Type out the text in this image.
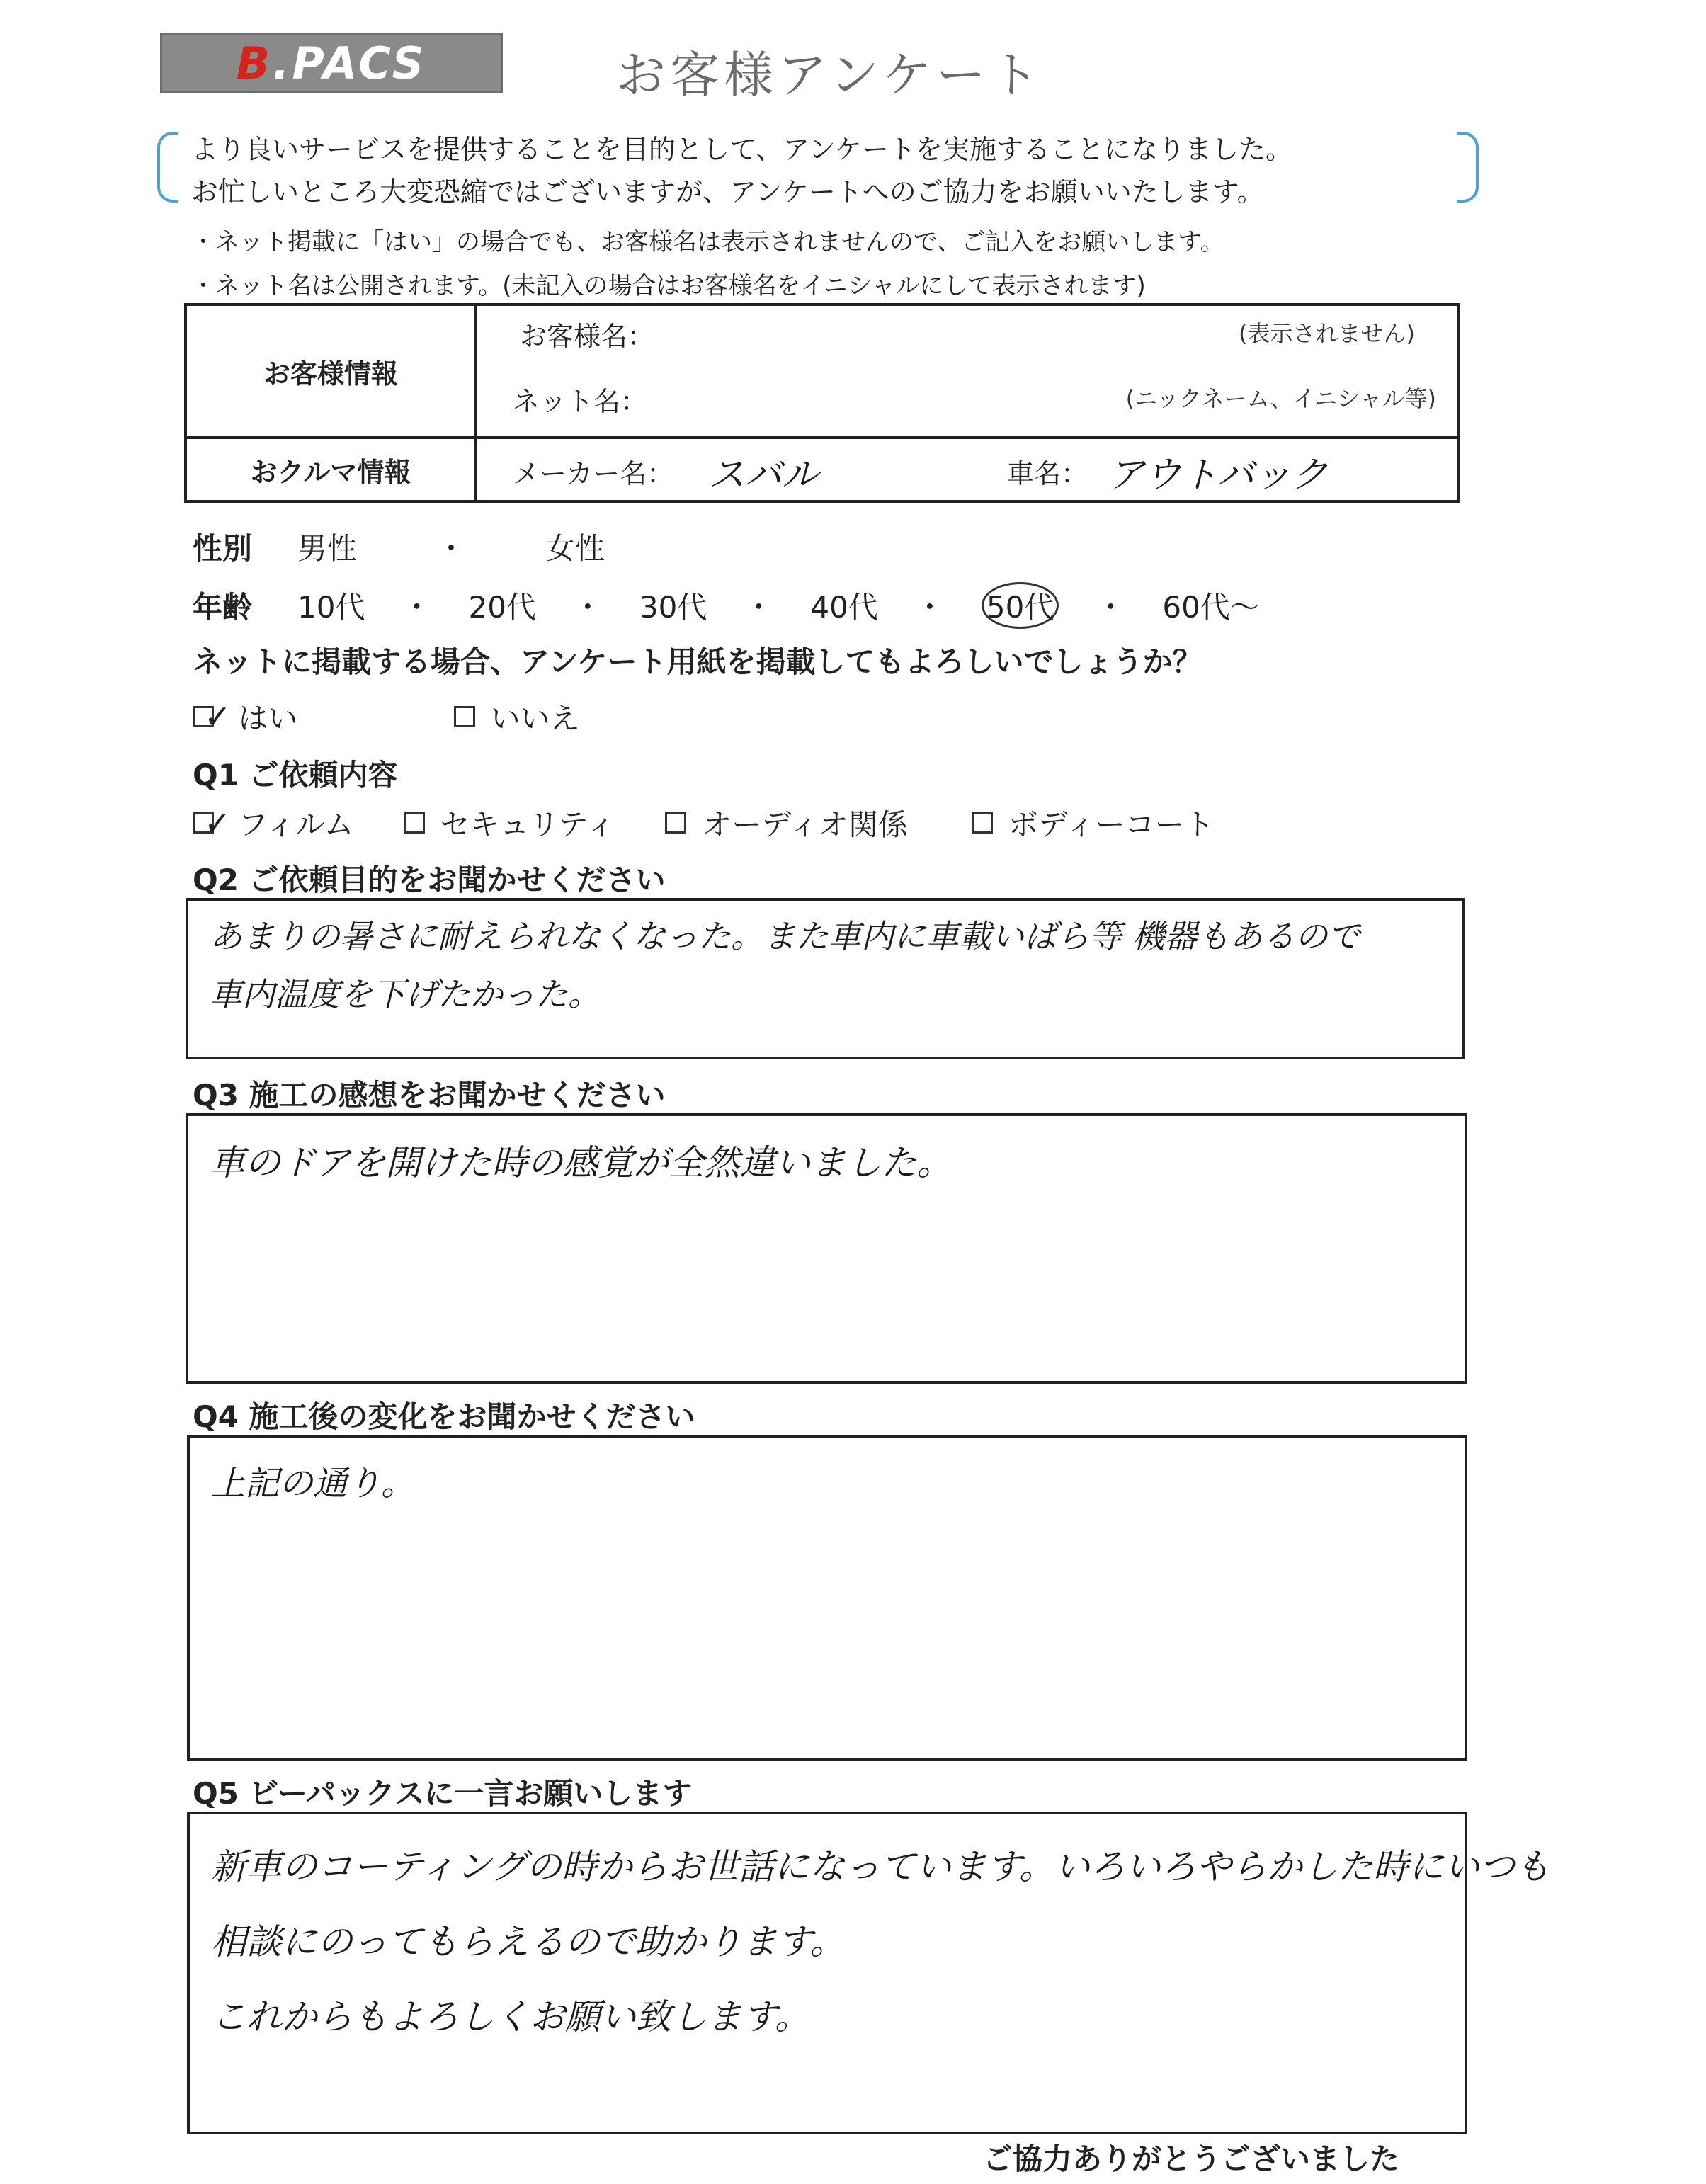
B.PACS	お客様アンケート
より良いサービスを提供することを目的として、アンケートを実施することになりました。
お忙しいところ大変恐縮ではございますが、アンケートへのご協力をお願いいたします。
・ネット掲載に「はい」の場合でも、お客様名は表示されませんので、ご記入をお願いします。
・ネット名は公開されます。(未記入の場合はお客様名をイニシャルにして表示されます)
お客様情報	お客様名： (表示されません)
ネット名： (ニックネーム、イニシャル等)

おクルマ情報	メーカー名： スバル 車名： アウトバック
性別	男性	・	女性
年齢	10代 ・ 20代 ・ 30代 ・ 40代 ・ 50代 ・ 60代〜
ネットに掲載する場合、アンケート用紙を掲載してもよろしいでしょうか？
✓ はい	いいえ
Q1 ご依頼内容
✓ フィルム	セキュリティ	オーディオ関係	ボディーコート
Q2 ご依頼目的をお聞かせください
あまりの暑さに耐えられなくなった。また車内に車載いばら等 機器もあるので
車内温度を下げたかった。
Q3 施工の感想をお聞かせください
車のドアを開けた時の感覚が全然違いました。
Q4 施工後の変化をお聞かせください
上記の通り。
Q5 ビーパックスに一言お願いします
新車のコーティングの時からお世話になっています。いろいろやらかした時にいつも
相談にのってもらえるので助かります。
これからもよろしくお願い致します。
ご協力ありがとうございました
